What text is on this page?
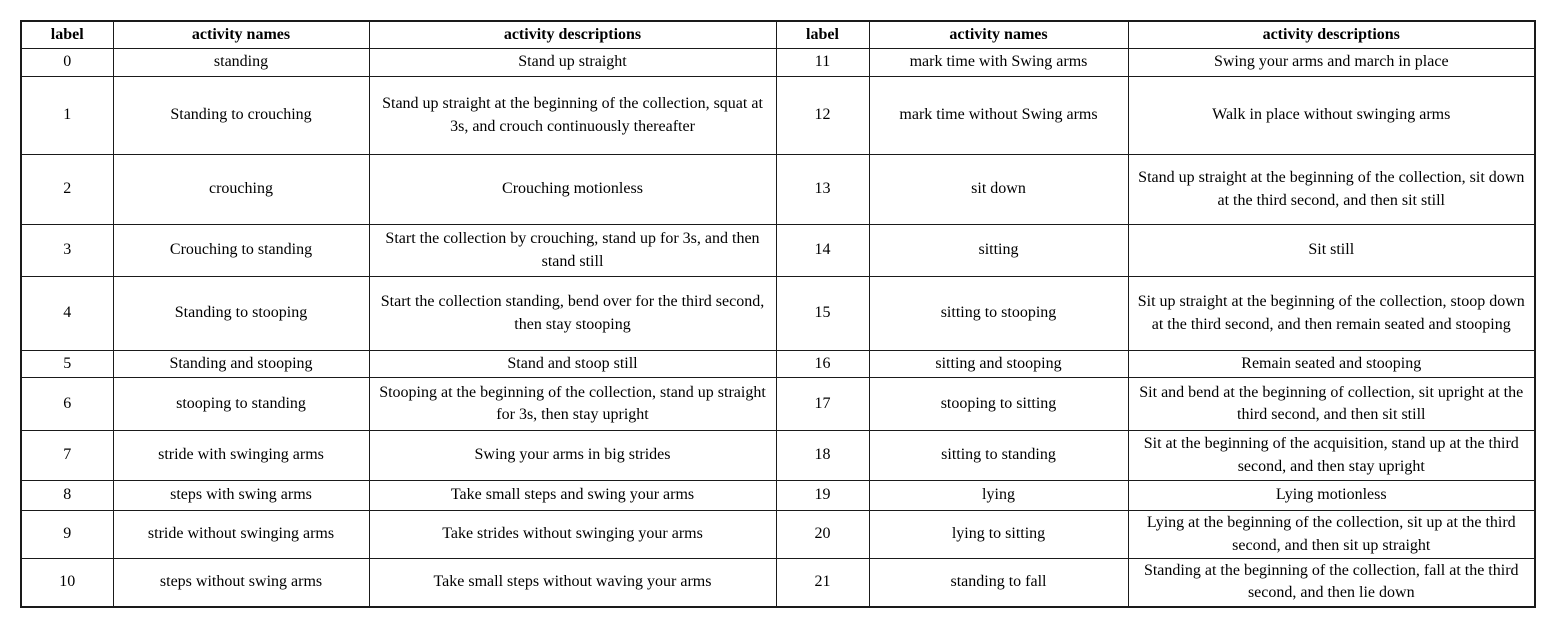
label	activity names	activity descriptions	label	activity names	activity descriptions
0	standing	Stand up straight	11	mark time with Swing arms	Swing your arms and march in place
1	Standing to crouching	Stand up straight at the beginning of the collection, squat at 3s, and crouch continuously thereafter	12	mark time without Swing arms	Walk in place without swinging arms
2	crouching	Crouching motionless	13	sit down	Stand up straight at the beginning of the collection, sit down at the third second, and then sit still
3	Crouching to standing	Start the collection by crouching, stand up for 3s, and then stand still	14	sitting	Sit still
4	Standing to stooping	Start the collection standing, bend over for the third second, then stay stooping	15	sitting to stooping	Sit up straight at the beginning of the collection, stoop down at the third second, and then remain seated and stooping
5	Standing and stooping	Stand and stoop still	16	sitting and stooping	Remain seated and stooping
6	stooping to standing	Stooping at the beginning of the collection, stand up straight for 3s, then stay upright	17	stooping to sitting	Sit and bend at the beginning of collection, sit upright at the third second, and then sit still
7	stride with swinging arms	Swing your arms in big strides	18	sitting to standing	Sit at the beginning of the acquisition, stand up at the third second, and then stay upright
8	steps with swing arms	Take small steps and swing your arms	19	lying	Lying motionless
9	stride without swinging arms	Take strides without swinging your arms	20	lying to sitting	Lying at the beginning of the collection, sit up at the third second, and then sit up straight
10	steps without swing arms	Take small steps without waving your arms	21	standing to fall	Standing at the beginning of the collection, fall at the third second, and then lie down
